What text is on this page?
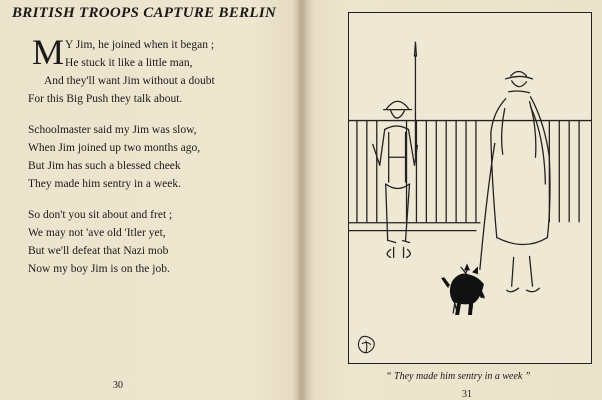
BRITISH TROOPS CAPTURE BERLIN
M Y Jim, he joined when it began ;
He stuck it like a little man,
And they'll want Jim without a doubt
For this Big Push they talk about.
Schoolmaster said my Jim was slow,
When Jim joined up two months ago,
But Jim has such a blessed cheek
They made him sentry in a week.
So don't you sit about and fret ;
We may not 'ave old 'Itler yet,
But we'll defeat that Nazi mob
Now my boy Jim is on the job.

30

“ They made him sentry in a week ”

31
